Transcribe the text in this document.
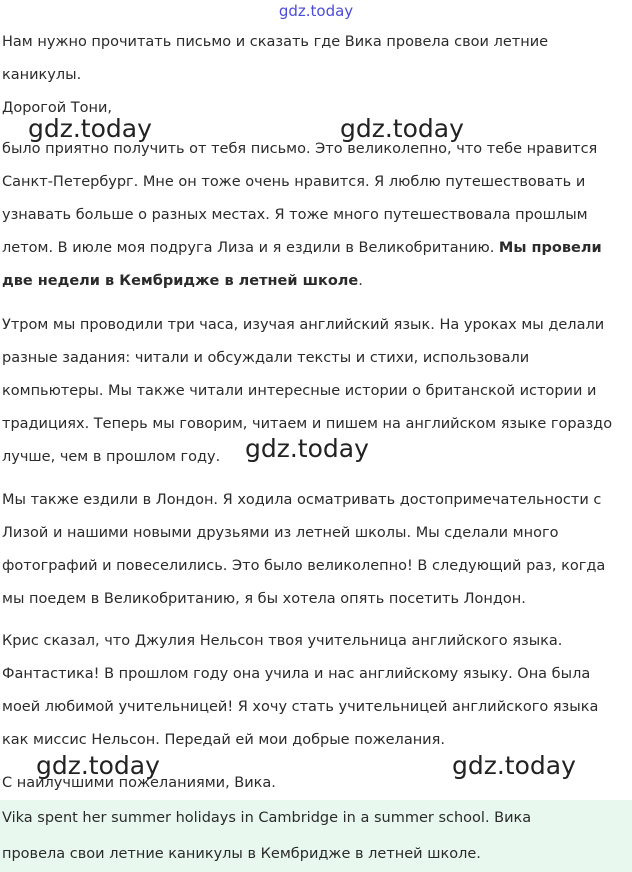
gdz.today
Нам нужно прочитать письмо и сказать где Вика провела свои летние
каникулы.
Дорогой Тони,
было приятно получить от тебя письмо. Это великолепно, что тебе нравится
Санкт-Петербург. Мне он тоже очень нравится. Я люблю путешествовать и
узнавать больше о разных местах. Я тоже много путешествовала прошлым
летом. В июле моя подруга Лиза и я ездили в Великобританию. Мы провели
две недели в Кембридже в летней школе.
Утром мы проводили три часа, изучая английский язык. На уроках мы делали
разные задания: читали и обсуждали тексты и стихи, использовали
компьютеры. Мы также читали интересные истории о британской истории и
традициях. Теперь мы говорим, читаем и пишем на английском языке гораздо
лучше, чем в прошлом году.
Мы также ездили в Лондон. Я ходила осматривать достопримечательности с
Лизой и нашими новыми друзьями из летней школы. Мы сделали много
фотографий и повеселились. Это было великолепно! В следующий раз, когда
мы поедем в Великобританию, я бы хотела опять посетить Лондон.
Крис сказал, что Джулия Нельсон твоя учительница английского языка.
Фантастика! В прошлом году она учила и нас английскому языку. Она была
моей любимой учительницей! Я хочу стать учительницей английского языка
как миссис Нельсон. Передай ей мои добрые пожелания.
С наилучшими пожеланиями, Вика.
Vika spent her summer holidays in Cambridge in a summer school. Вика
провела свои летние каникулы в Кембридже в летней школе.
gdz.today	gdz.today
gdz.today
gdz.today	gdz.today
